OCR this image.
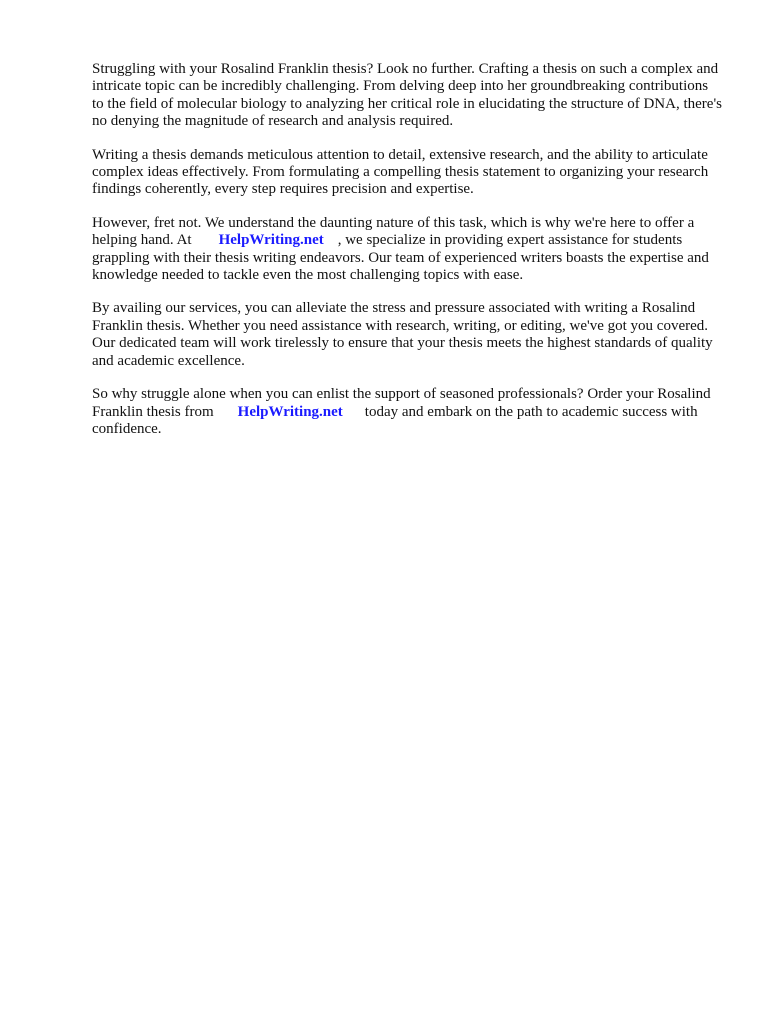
Struggling with your Rosalind Franklin thesis? Look no further. Crafting a thesis on such a complex and intricate topic can be incredibly challenging. From delving deep into her groundbreaking contributions to the field of molecular biology to analyzing her critical role in elucidating the structure of DNA, there's no denying the magnitude of research and analysis required.

Writing a thesis demands meticulous attention to detail, extensive research, and the ability to articulate complex ideas effectively. From formulating a compelling thesis statement to organizing your research findings coherently, every step requires precision and expertise.

However, fret not. We understand the daunting nature of this task, which is why we're here to offer a helping hand. At HelpWriting.net , we specialize in providing expert assistance for students grappling with their thesis writing endeavors. Our team of experienced writers boasts the expertise and knowledge needed to tackle even the most challenging topics with ease.

By availing our services, you can alleviate the stress and pressure associated with writing a Rosalind Franklin thesis. Whether you need assistance with research, writing, or editing, we've got you covered. Our dedicated team will work tirelessly to ensure that your thesis meets the highest standards of quality and academic excellence.

So why struggle alone when you can enlist the support of seasoned professionals? Order your Rosalind Franklin thesis from HelpWriting.net today and embark on the path to academic success with confidence.
